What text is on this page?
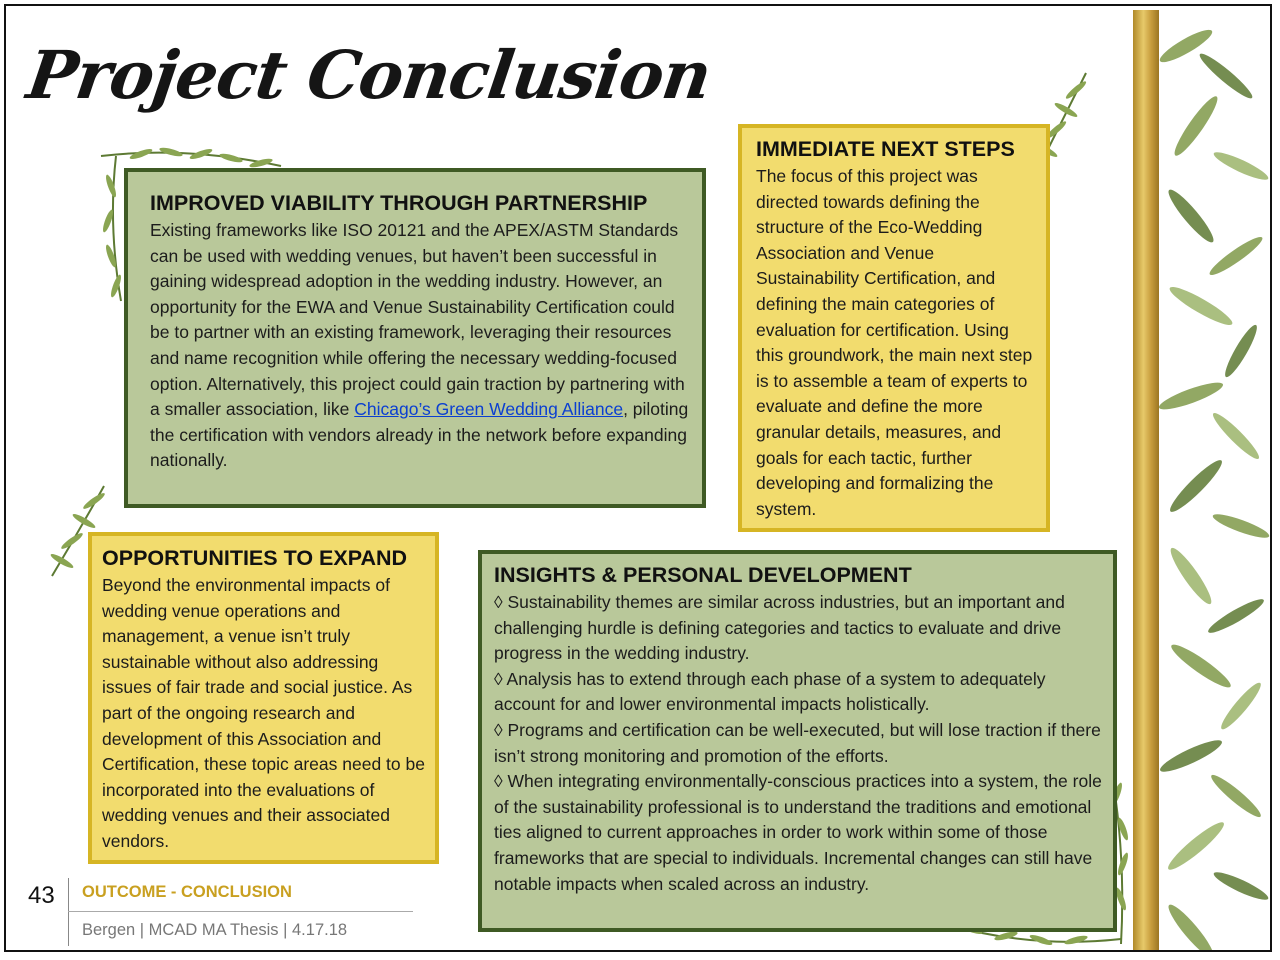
Project Conclusion
IMPROVED VIABILITY THROUGH PARTNERSHIP

Existing frameworks like ISO 20121 and the APEX/ASTM Standards can be used with wedding venues, but haven’t been successful in gaining widespread adoption in the wedding industry. However, an opportunity for the EWA and Venue Sustainability Certification could be to partner with an existing framework, leveraging their resources and name recognition while offering the necessary wedding-focused option. Alternatively, this project could gain traction by partnering with a smaller association, like Chicago’s Green Wedding Alliance, piloting the certification with vendors already in the network before expanding nationally.

IMMEDIATE NEXT STEPS

The focus of this project was directed towards defining the structure of the Eco-Wedding Association and Venue Sustainability Certification, and defining the main categories of evaluation for certification. Using this groundwork, the main next step is to assemble a team of experts to evaluate and define the more granular details, measures, and goals for each tactic, further developing and formalizing the system.

OPPORTUNITIES TO EXPAND

Beyond the environmental impacts of wedding venue operations and management, a venue isn’t truly sustainable without also addressing issues of fair trade and social justice. As part of the ongoing research and development of this Association and Certification, these topic areas need to be incorporated into the evaluations of wedding venues and their associated vendors.

INSIGHTS & PERSONAL DEVELOPMENT

◊ Sustainability themes are similar across industries, but an important and challenging hurdle is defining categories and tactics to evaluate and drive progress in the wedding industry.

◊ Analysis has to extend through each phase of a system to adequately account for and lower environmental impacts holistically.

◊ Programs and certification can be well-executed, but will lose traction if there isn’t strong monitoring and promotion of the efforts.

◊ When integrating environmentally-conscious practices into a system, the role of the sustainability professional is to understand the traditions and emotional ties aligned to current approaches in order to work within some of those frameworks that are special to individuals. Incremental changes can still have notable impacts when scaled across an industry.

43 OUTCOME - CONCLUSION
Bergen | MCAD MA Thesis | 4.17.18
